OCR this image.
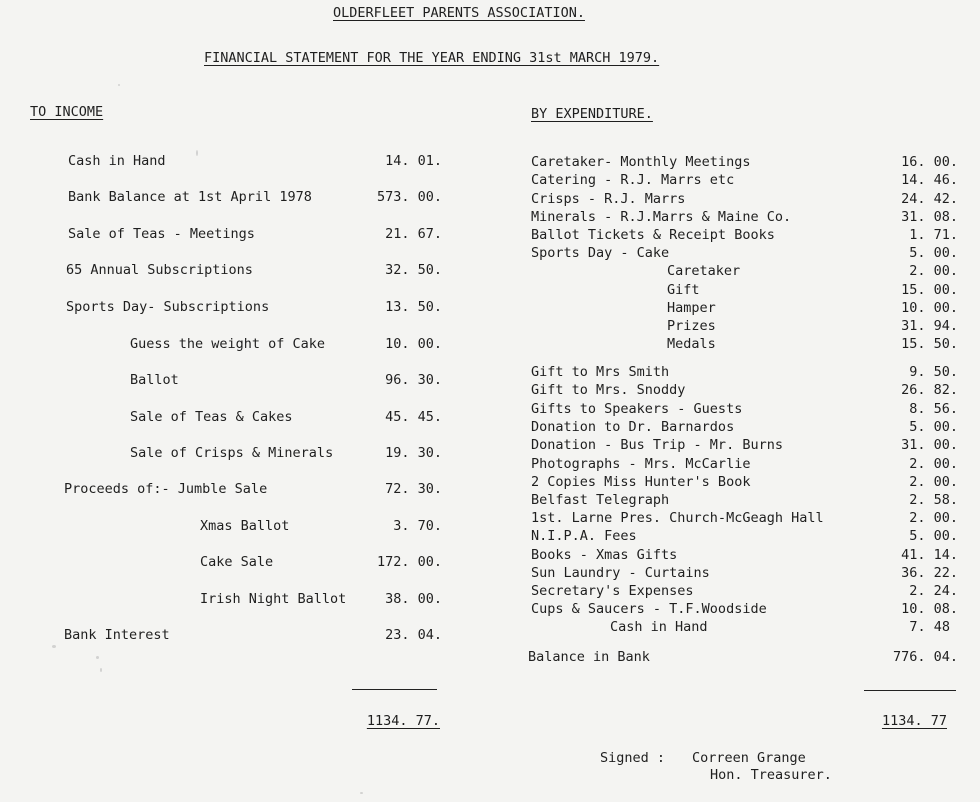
OLDERFLEET PARENTS ASSOCIATION.
FINANCIAL STATEMENT FOR THE YEAR ENDING 31st MARCH 1979.
TO INCOME
Cash in Hand	14. 01.
Bank Balance at 1st April 1978	573. 00.
Sale of Teas - Meetings	21. 67.
65 Annual Subscriptions	32. 50.
Sports Day- Subscriptions	13. 50.
Guess the weight of Cake	10. 00.
Ballot	96. 30.
Sale of Teas & Cakes	45. 45.
Sale of Crisps & Minerals	19. 30.
Proceeds of:- Jumble Sale	72. 30.
Xmas Ballot	3. 70.
Cake Sale	172. 00.
Irish Night Ballot	38. 00.
Bank Interest	23. 04.
1134. 77.
BY EXPENDITURE.
Caretaker- Monthly Meetings	16. 00.
Catering - R.J. Marrs etc	14. 46.
Crisps - R.J. Marrs	24. 42.
Minerals - R.J.Marrs & Maine Co.	31. 08.
Ballot Tickets & Receipt Books	1. 71.
Sports Day - Cake	5. 00.
Caretaker	2. 00.
Gift	15. 00.
Hamper	10. 00.
Prizes	31. 94.
Medals	15. 50.
Gift to Mrs Smith	9. 50.
Gift to Mrs. Snoddy	26. 82.
Gifts to Speakers - Guests	8. 56.
Donation to Dr. Barnardos	5. 00.
Donation - Bus Trip - Mr. Burns	31. 00.
Photographs - Mrs. McCarlie	2. 00.
2 Copies Miss Hunter's Book	2. 00.
Belfast Telegraph	2. 58.
1st. Larne Pres. Church-McGeagh Hall	2. 00.
N.I.P.A. Fees	5. 00.
Books - Xmas Gifts	41. 14.
Sun Laundry - Curtains	36. 22.
Secretary's Expenses	2. 24.
Cups & Saucers - T.F.Woodside	10. 08.
Cash in Hand	7. 48
Balance in Bank	776. 04.
1134. 77
Signed : Correen Grange
Hon. Treasurer.
